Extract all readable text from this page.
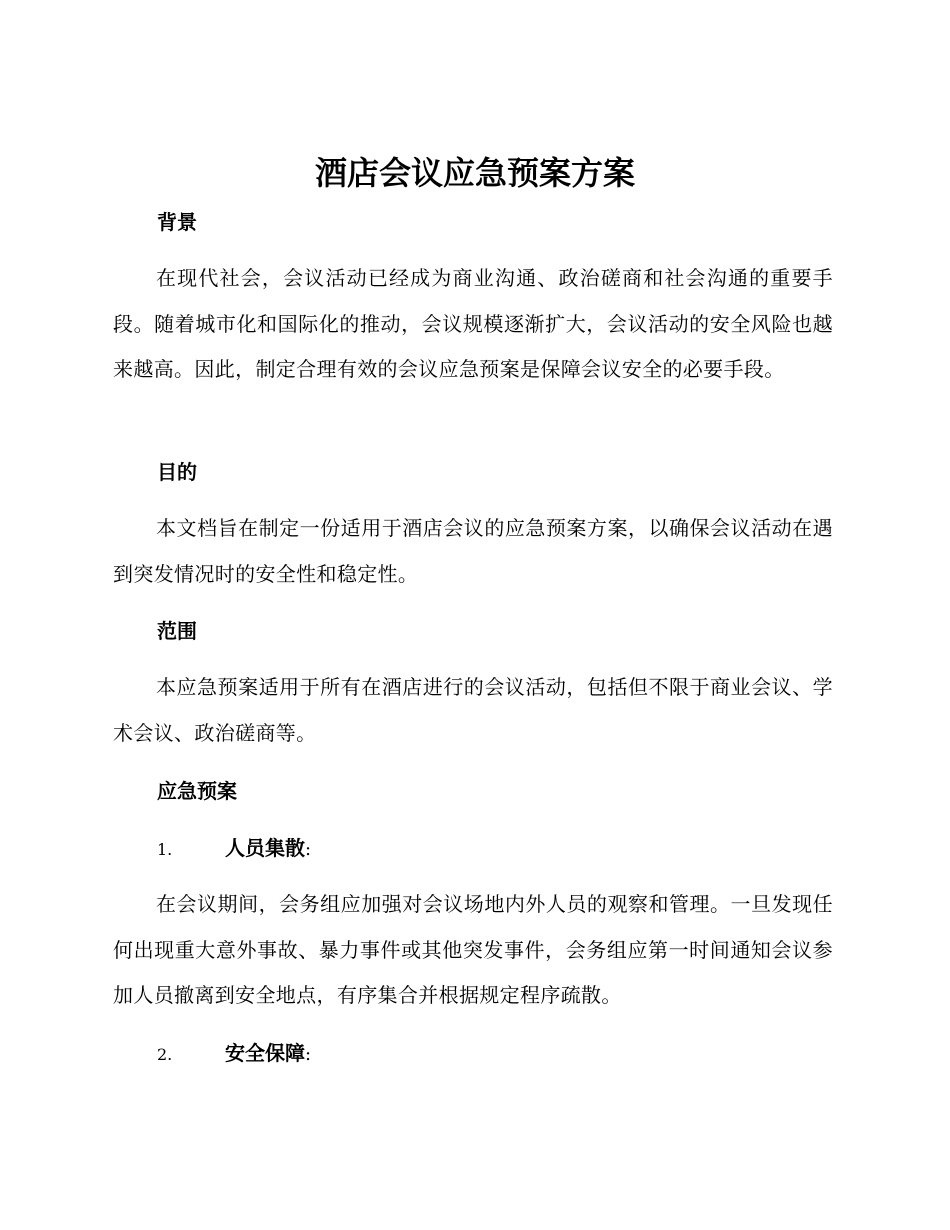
酒店会议应急预案方案
背景
在现代社会，会议活动已经成为商业沟通、政治磋商和社会沟通的重要手段。随着城市化和国际化的推动，会议规模逐渐扩大，会议活动的安全风险也越来越高。因此，制定合理有效的会议应急预案是保障会议安全的必要手段。
目的
本文档旨在制定一份适用于酒店会议的应急预案方案，以确保会议活动在遇到突发情况时的安全性和稳定性。
范围
本应急预案适用于所有在酒店进行的会议活动，包括但不限于商业会议、学术会议、政治磋商等。
应急预案
1.	人员集散:
在会议期间，会务组应加强对会议场地内外人员的观察和管理。一旦发现任何出现重大意外事故、暴力事件或其他突发事件，会务组应第一时间通知会议参加人员撤离到安全地点，有序集合并根据规定程序疏散。
2.	安全保障:
